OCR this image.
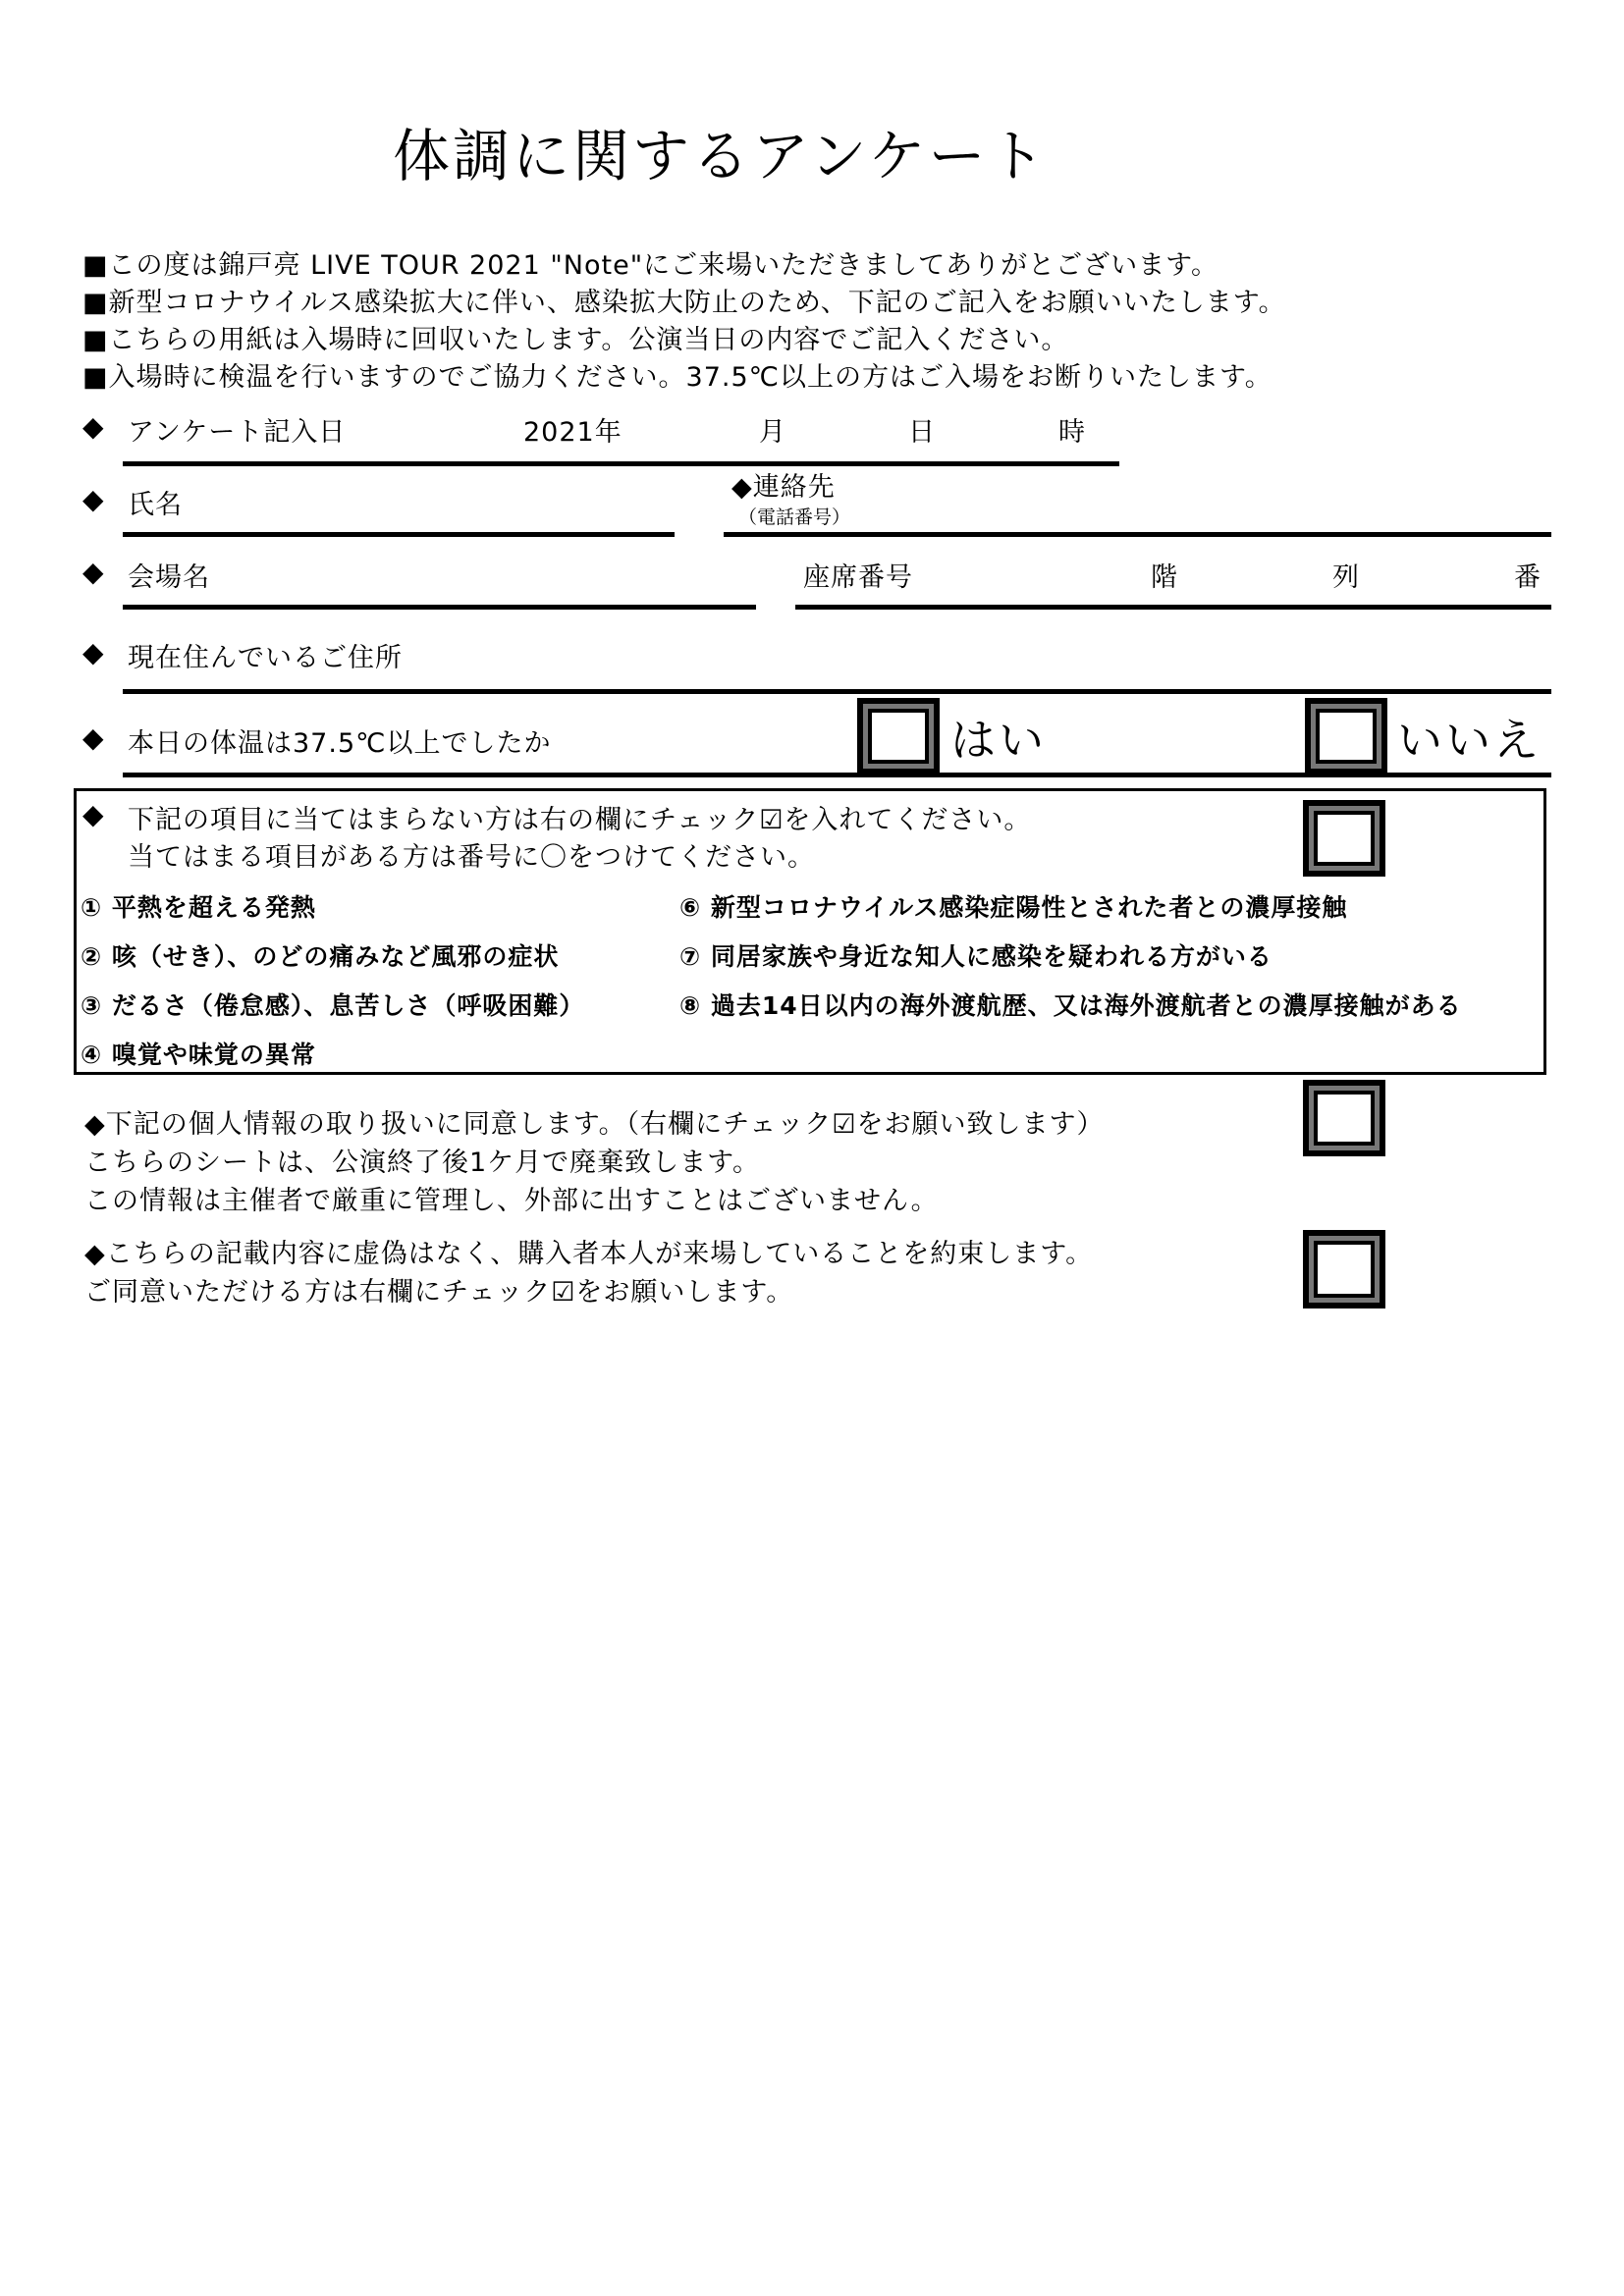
体調に関するアンケート
■この度は錦戸亮 LIVE TOUR 2021 "Note"にご来場いただきましてありがとございます。
■新型コロナウイルス感染拡大に伴い、感染拡大防止のため、下記のご記入をお願いいたします。
■こちらの用紙は入場時に回収いたします。公演当日の内容でご記入ください。
■入場時に検温を行いますのでご協力ください。37.5℃以上の方はご入場をお断りいたします。
◆ アンケート記入日	2021年	月	日	時
◆ 氏名
◆連絡先
（電話番号）
◆ 会場名	座席番号	階	列	番
◆ 現在住んでいるご住所
◆ 本日の体温は37.5℃以上でしたか	はい	いいえ
◆ 下記の項目に当てはまらない方は右の欄にチェック☑を入れてください。
当てはまる項目がある方は番号に〇をつけてください。
① 平熱を超える発熱
② 咳（せき）、のどの痛みなど風邪の症状
③ だるさ（倦怠感）、息苦しさ（呼吸困難）
④ 嗅覚や味覚の異常
⑥ 新型コロナウイルス感染症陽性とされた者との濃厚接触
⑦ 同居家族や身近な知人に感染を疑われる方がいる
⑧ 過去14日以内の海外渡航歴、又は海外渡航者との濃厚接触がある
◆下記の個人情報の取り扱いに同意します。（右欄にチェック☑をお願い致します）
こちらのシートは、公演終了後1ケ月で廃棄致します。
この情報は主催者で厳重に管理し、外部に出すことはございません。
◆こちらの記載内容に虚偽はなく、購入者本人が来場していることを約束します。
ご同意いただける方は右欄にチェック☑をお願いします。
